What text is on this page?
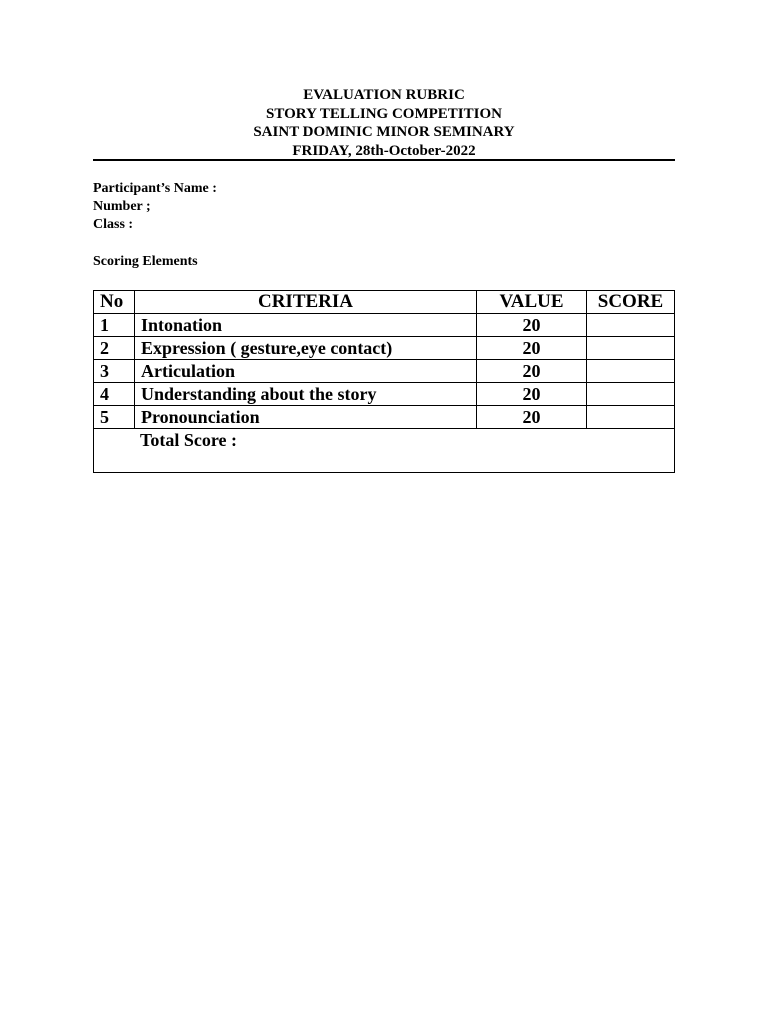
EVALUATION RUBRIC
STORY TELLING COMPETITION
SAINT DOMINIC MINOR SEMINARY
FRIDAY, 28th-October-2022
Participant’s Name :
Number ;
Class :
Scoring Elements
No	CRITERIA	VALUE	SCORE
1	Intonation	20	
2	Expression ( gesture,eye contact)	20	
3	Articulation	20	
4	Understanding about the story	20	
5	Pronounciation	20	
Total Score :			
